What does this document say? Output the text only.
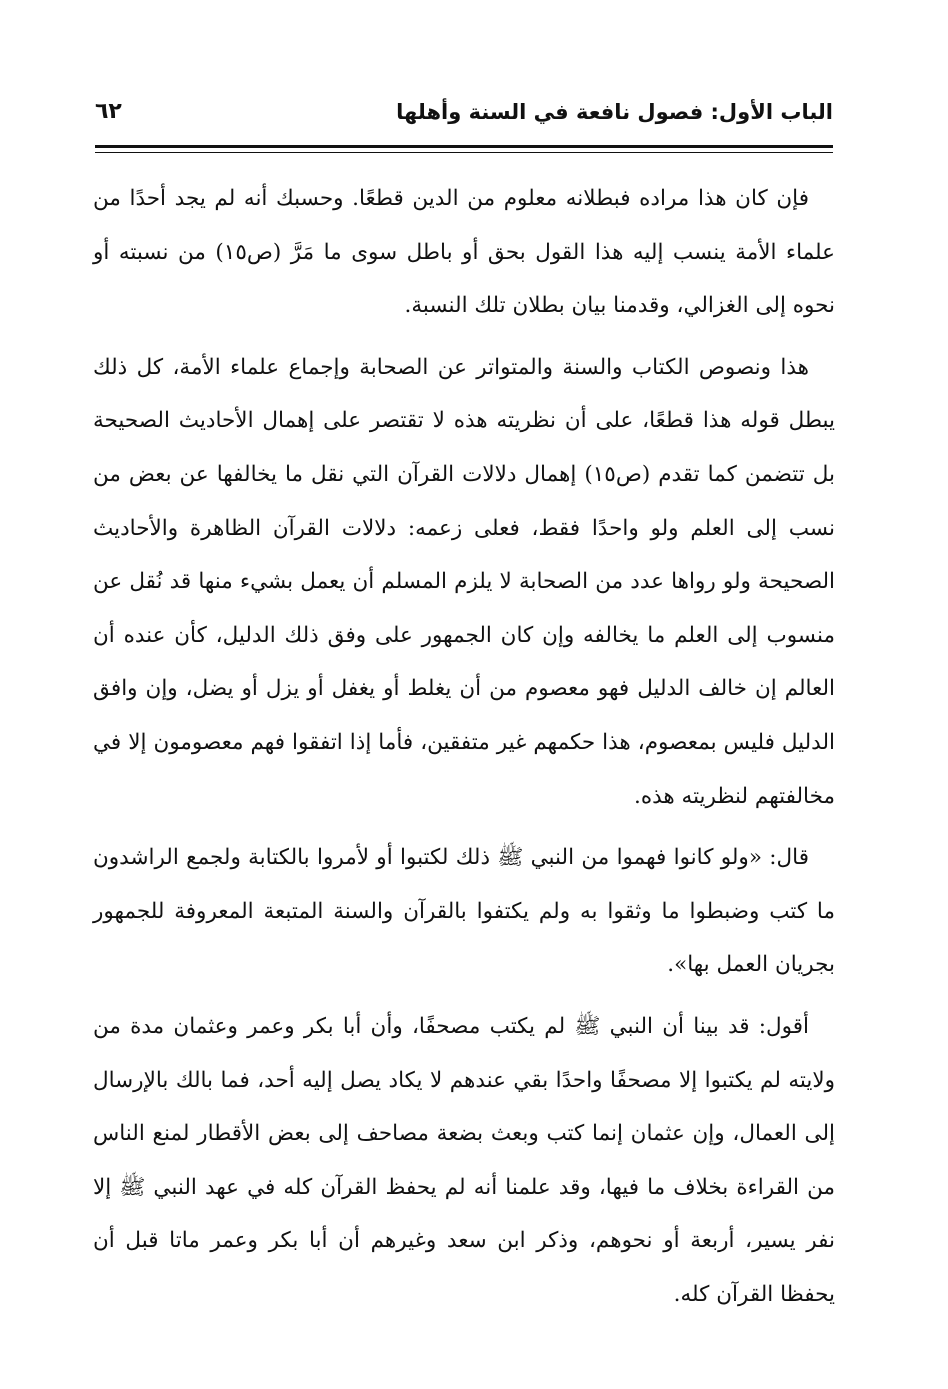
الباب الأول: فصول نافعة في السنة وأهلها
٦٢

فإن كان هذا مراده فبطلانه معلوم من الدين قطعًا. وحسبك أنه لم يجد أحدًا من علماء الأمة ينسب إليه هذا القول بحق أو باطل سوى ما مَرَّ (ص١٥) من نسبته أو نحوه إلى الغزالي، وقدمنا بيان بطلان تلك النسبة.

هذا ونصوص الكتاب والسنة والمتواتر عن الصحابة وإجماع علماء الأمة، كل ذلك يبطل قوله هذا قطعًا، على أن نظريته هذه لا تقتصر على إهمال الأحاديث الصحيحة بل تتضمن كما تقدم (ص١٥) إهمال دلالات القرآن التي نقل ما يخالفها عن بعض من نسب إلى العلم ولو واحدًا فقط، فعلى زعمه: دلالات القرآن الظاهرة والأحاديث الصحيحة ولو رواها عدد من الصحابة لا يلزم المسلم أن يعمل بشيء منها قد نُقل عن منسوب إلى العلم ما يخالفه وإن كان الجمهور على وفق ذلك الدليل، كأن عنده أن العالم إن خالف الدليل فهو معصوم من أن يغلط أو يغفل أو يزل أو يضل، وإن وافق الدليل فليس بمعصوم، هذا حكمهم غير متفقين، فأما إذا اتفقوا فهم معصومون إلا في مخالفتهم لنظريته هذه.

قال: «ولو كانوا فهموا من النبي ﷺ ذلك لكتبوا أو لأمروا بالكتابة ولجمع الراشدون ما كتب وضبطوا ما وثقوا به ولم يكتفوا بالقرآن والسنة المتبعة المعروفة للجمهور بجريان العمل بها».

أقول: قد بينا أن النبي ﷺ لم يكتب مصحفًا، وأن أبا بكر وعمر وعثمان مدة من ولايته لم يكتبوا إلا مصحفًا واحدًا بقي عندهم لا يكاد يصل إليه أحد، فما بالك بالإرسال إلى العمال، وإن عثمان إنما كتب وبعث بضعة مصاحف إلى بعض الأقطار لمنع الناس من القراءة بخلاف ما فيها، وقد علمنا أنه لم يحفظ القرآن كله في عهد النبي ﷺ إلا نفر يسير، أربعة أو نحوهم، وذكر ابن سعد وغيرهم أن أبا بكر وعمر ماتا قبل أن يحفظا القرآن كله.
